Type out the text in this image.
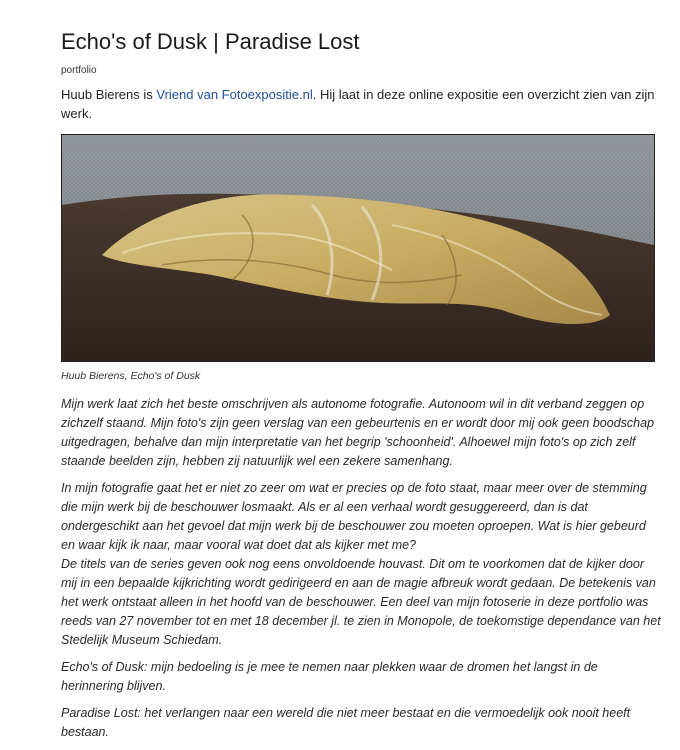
Echo's of Dusk | Paradise Lost
portfolio

Huub Bierens is Vriend van Fotoexpositie.nl. Hij laat in deze online expositie een overzicht zien van zijn werk.

Huub Bierens, Echo's of Dusk

Mijn werk laat zich het beste omschrijven als autonome fotografie. Autonoom wil in dit verband zeggen op zichzelf staand. Mijn foto's zijn geen verslag van een gebeurtenis en er wordt door mij ook geen boodschap uitgedragen, behalve dan mijn interpretatie van het begrip 'schoonheid'. Alhoewel mijn foto's op zich zelf staande beelden zijn, hebben zij natuurlijk wel een zekere samenhang.

In mijn fotografie gaat het er niet zo zeer om wat er precies op de foto staat, maar meer over de stemming die mijn werk bij de beschouwer losmaakt. Als er al een verhaal wordt gesuggereerd, dan is dat ondergeschikt aan het gevoel dat mijn werk bij de beschouwer zou moeten oproepen. Wat is hier gebeurd en waar kijk ik naar, maar vooral wat doet dat als kijker met me?
De titels van de series geven ook nog eens onvoldoende houvast. Dit om te voorkomen dat de kijker door mij in een bepaalde kijkrichting wordt gedirigeerd en aan de magie afbreuk wordt gedaan. De betekenis van het werk ontstaat alleen in het hoofd van de beschouwer. Een deel van mijn fotoserie in deze portfolio was reeds van 27 november tot en met 18 december jl. te zien in Monopole, de toekomstige dependance van het Stedelijk Museum Schiedam.

Echo's of Dusk: mijn bedoeling is je mee te nemen naar plekken waar de dromen het langst in de herinnering blijven.

Paradise Lost: het verlangen naar een wereld die niet meer bestaat en die vermoedelijk ook nooit heeft bestaan.
